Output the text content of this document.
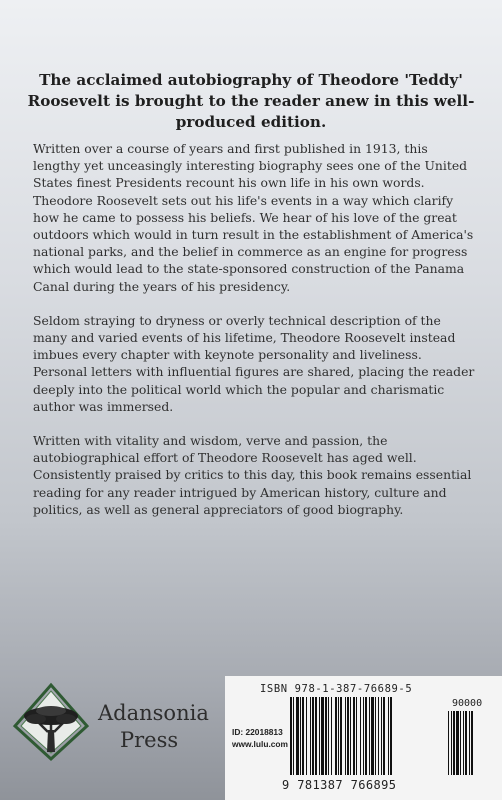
The acclaimed autobiography of Theodore 'Teddy' Roosevelt is brought to the reader anew in this well-produced edition.

Written over a course of years and first published in 1913, this lengthy yet unceasingly interesting biography sees one of the United States finest Presidents recount his own life in his own words. Theodore Roosevelt sets out his life's events in a way which clarify how he came to possess his beliefs. We hear of his love of the great outdoors which would in turn result in the establishment of America's national parks, and the belief in commerce as an engine for progress which would lead to the state-sponsored construction of the Panama Canal during the years of his presidency.

Seldom straying to dryness or overly technical description of the many and varied events of his lifetime, Theodore Roosevelt instead imbues every chapter with keynote personality and liveliness. Personal letters with influential figures are shared, placing the reader deeply into the political world which the popular and charismatic author was immersed.

Written with vitality and wisdom, verve and passion, the autobiographical effort of Theodore Roosevelt has aged well. Consistently praised by critics to this day, this book remains essential reading for any reader intrigued by American history, culture and politics, as well as general appreciators of good biography.

Adansonia
Press
ISBN 978-1-387-76689-5
ID: 22018813
www.lulu.com
9 781387 766895
90000
